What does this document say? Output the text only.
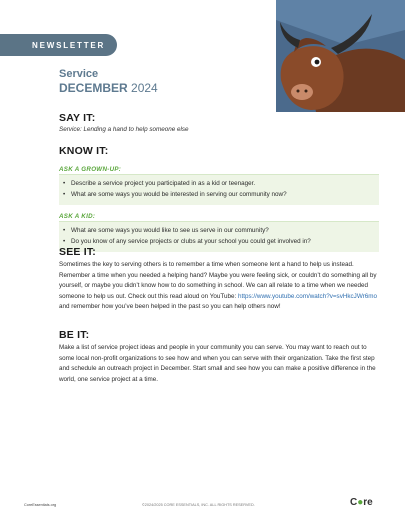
NEWSLETTER
Service
DECEMBER 2024
SAY IT:
Service: Lending a hand to help someone else
KNOW IT:
ASK A GROWN-UP:
• Describe a service project you participated in as a kid or teenager.
• What are some ways you would be interested in serving our community now?
ASK A KID:
• What are some ways you would like to see us serve in our community?
• Do you know of any service projects or clubs at your school you could get involved in?
SEE IT:
Sometimes the key to serving others is to remember a time when someone lent a hand to help us instead. Remember a time when you needed a helping hand? Maybe you were feeling sick, or couldn’t do something all by yourself, or maybe you didn’t know how to do something in school. We can all relate to a time when we needed someone to help us out. Check out this read aloud on YouTube: https://www.youtube.com/watch?v=svHkcJWr6mo and remember how you’ve been helped in the past so you can help others now!
BE IT:
Make a list of service project ideas and people in your community you can serve. You may want to reach out to some local non-profit organizations to see how and when you can serve with their organization. Take the first step and schedule an outreach project in December. Start small and see how you can make a positive difference in the world, one service project at a time.
CoreEssentials.org	©2024/2025 CORE ESSENTIALS, INC. ALL RIGHTS RESERVED.	C●re
